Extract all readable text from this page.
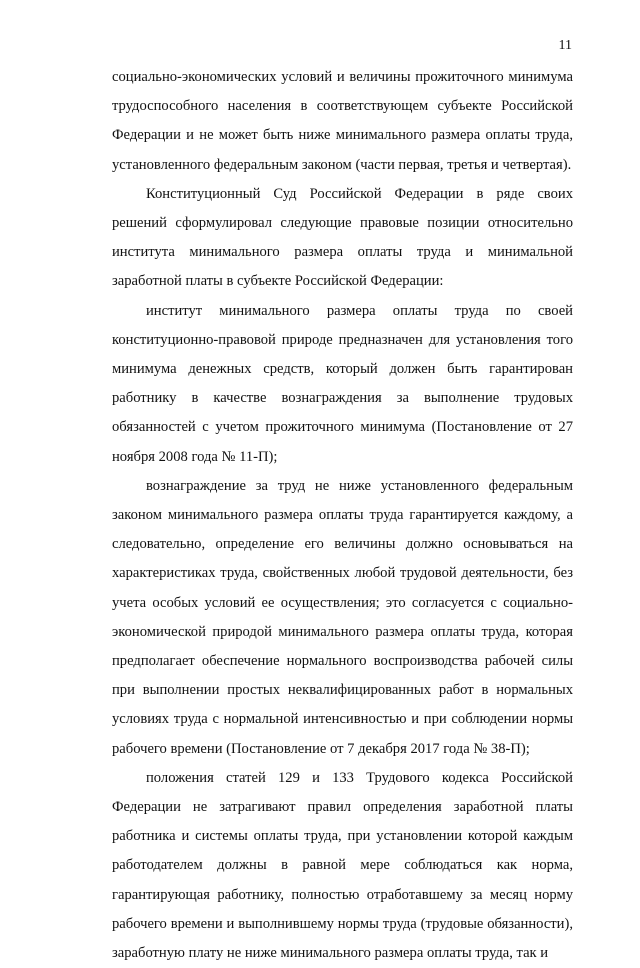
11

социально-экономических условий и величины прожиточного минимума трудоспособного населения в соответствующем субъекте Российской Федерации и не может быть ниже минимального размера оплаты труда, установленного федеральным законом (части первая, третья и четвертая).

Конституционный Суд Российской Федерации в ряде своих решений сформулировал следующие правовые позиции относительно института минимального размера оплаты труда и минимальной заработной платы в субъекте Российской Федерации:

институт минимального размера оплаты труда по своей конституционно-правовой природе предназначен для установления того минимума денежных средств, который должен быть гарантирован работнику в качестве вознаграждения за выполнение трудовых обязанностей с учетом прожиточного минимума (Постановление от 27 ноября 2008 года № 11-П);

вознаграждение за труд не ниже установленного федеральным законом минимального размера оплаты труда гарантируется каждому, а следовательно, определение его величины должно основываться на характеристиках труда, свойственных любой трудовой деятельности, без учета особых условий ее осуществления; это согласуется с социально-экономической природой минимального размера оплаты труда, которая предполагает обеспечение нормального воспроизводства рабочей силы при выполнении простых неквалифицированных работ в нормальных условиях труда с нормальной интенсивностью и при соблюдении нормы рабочего времени (Постановление от 7 декабря 2017 года № 38-П);

положения статей 129 и 133 Трудового кодекса Российской Федерации не затрагивают правил определения заработной платы работника и системы оплаты труда, при установлении которой каждым работодателем должны в равной мере соблюдаться как норма, гарантирующая работнику, полностью отработавшему за месяц норму рабочего времени и выполнившему нормы труда (трудовые обязанности), заработную плату не ниже минимального размера оплаты труда, так и
